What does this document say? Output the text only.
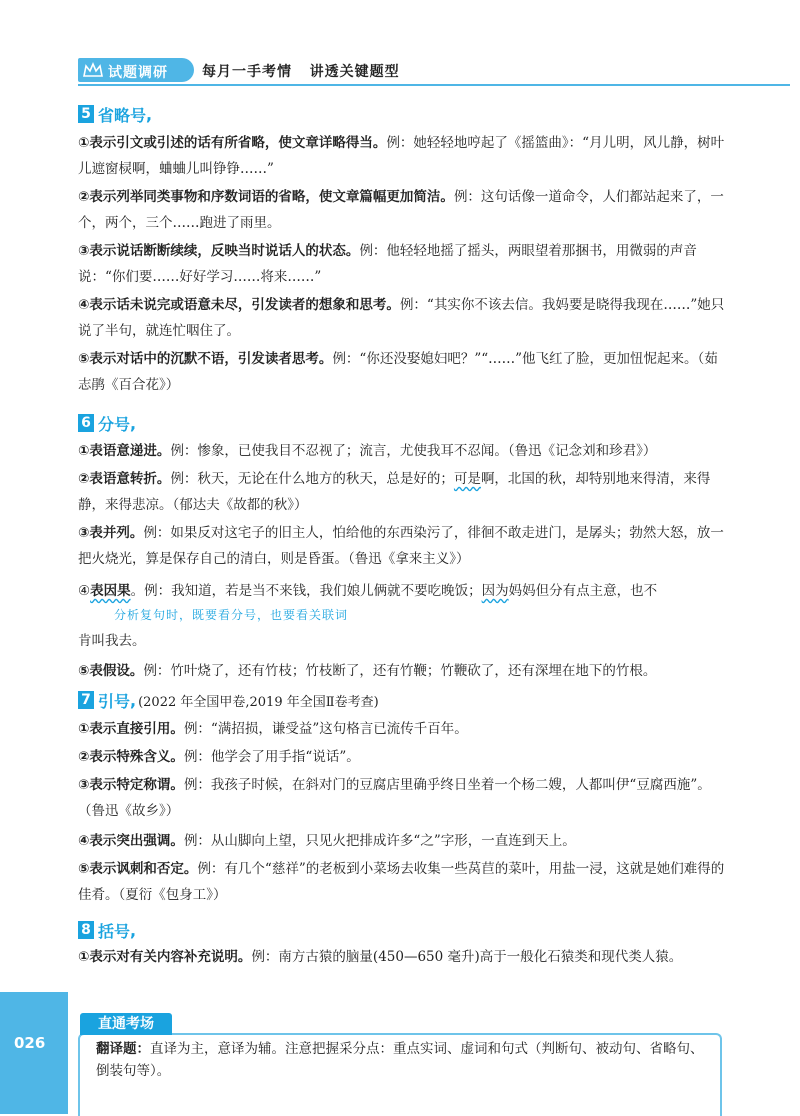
试题调研 每月一手考情   讲透关键题型
5 省略号 ,
①表示引文或引述的话有所省略，使文章详略得当。例：她轻轻地哼起了《摇篮曲》：“月儿明，风儿静，树叶儿遮窗棂啊，蛐蛐儿叫铮铮……”
②表示列举同类事物和序数词语的省略，使文章篇幅更加简洁。例：这句话像一道命令，人们都站起来了，一个，两个，三个……跑进了雨里。
③表示说话断断续续，反映当时说话人的状态。例：他轻轻地摇了摇头，两眼望着那捆书，用微弱的声音说：“你们要……好好学习……将来……”
④表示话未说完或语意未尽，引发读者的想象和思考。例：“其实你不该去信。我妈要是晓得我现在……”她只说了半句，就连忙咽住了。
⑤表示对话中的沉默不语，引发读者思考。例：“你还没娶媳妇吧？”“……”他飞红了脸，更加忸怩起来。（茹志鹃《百合花》）
6 分号 ,
①表语意递进。例：惨象，已使我目不忍视了；流言，尤使我耳不忍闻。（鲁迅《记念刘和珍君》）
②表语意转折。例：秋天，无论在什么地方的秋天，总是好的；可是啊，北国的秋，却特别地来得清，来得静，来得悲凉。（郁达夫《故都的秋》）
③表并列。例：如果反对这宅子的旧主人，怕给他的东西染污了，徘徊不敢走进门，是孱头；勃然大怒，放一把火烧光，算是保存自己的清白，则是昏蛋。（鲁迅《拿来主义》）
④表因果。例：我知道，若是当不来钱，我们娘儿俩就不要吃晚饭；因为妈妈但分有点主意，也不
分析复句时，既要看分号，也要看关联词
肯叫我去。
⑤表假设。例：竹叶烧了，还有竹枝；竹枝断了，还有竹鞭；竹鞭砍了，还有深埋在地下的竹根。
7 引号 , (2022 年全国甲卷,2019 年全国Ⅱ卷考查)
①表示直接引用。例：“满招损，谦受益”这句格言已流传千百年。
②表示特殊含义。例：他学会了用手指“说话”。
③表示特定称谓。例：我孩子时候，在斜对门的豆腐店里确乎终日坐着一个杨二嫂，人都叫伊“豆腐西施”。（鲁迅《故乡》）
④表示突出强调。例：从山脚向上望，只见火把排成许多“之”字形，一直连到天上。
⑤表示讽刺和否定。例：有几个“慈祥”的老板到小菜场去收集一些莴苣的菜叶，用盐一浸，这就是她们难得的佳肴。（夏衍《包身工》）
8 括号 ,
①表示对有关内容补充说明。例：南方古猿的脑量(450—650 毫升)高于一般化石猿类和现代类人猿。
026
直通考场
翻译题：直译为主，意译为辅。注意把握采分点：重点实词、虚词和句式（判断句、被动句、省略句、倒装句等）。
